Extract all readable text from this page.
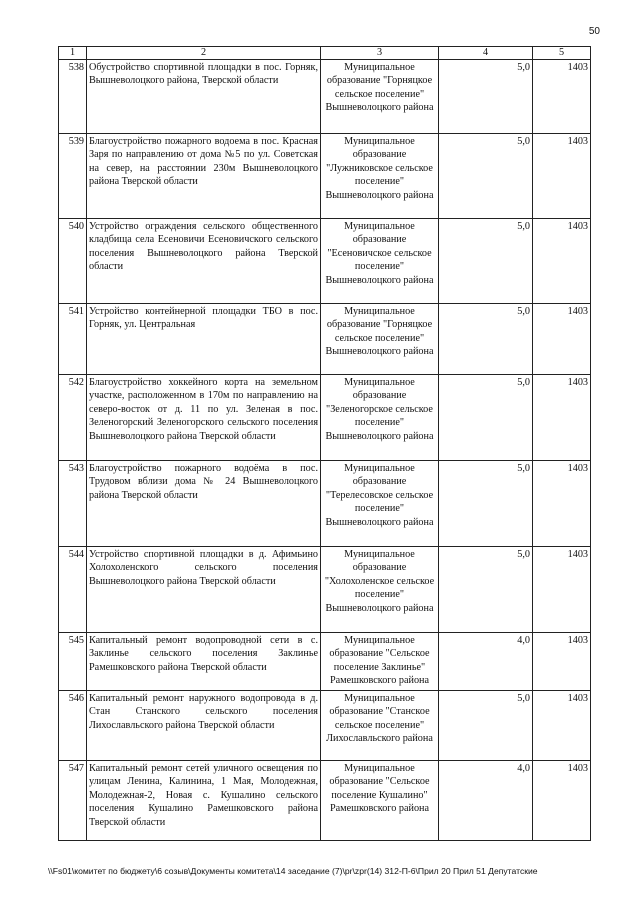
50
1	2	3	4	5
538	Обустройство спортивной площадки в пос. Горняк, Вышневолоцкого района, Тверской области	Муниципальное образование "Горняцкое сельское поселение" Вышневолоцкого района	5,0	1403
539	Благоустройство пожарного водоема в пос. Красная Заря по направлению от дома №5 по ул. Советская на север, на расстоянии 230м Вышневолоцкого района Тверской области	Муниципальное образование "Лужниковское сельское поселение" Вышневолоцкого района	5,0	1403
540	Устройство ограждения сельского общественного кладбища села Есеновичи Есеновичского сельского поселения Вышневолоцкого района Тверской области	Муниципальное образование "Есеновичское сельское поселение" Вышневолоцкого района	5,0	1403
541	Устройство контейнерной площадки ТБО в пос. Горняк, ул. Центральная	Муниципальное образование "Горняцкое сельское поселение" Вышневолоцкого района	5,0	1403
542	Благоустройство хоккейного корта на земельном участке, расположенном в 170м по направлению на северо-восток от д. 11 по ул. Зеленая в пос. Зеленогорский Зеленогорского сельского поселения Вышневолоцкого района Тверской области	Муниципальное образование "Зеленогорское сельское поселение" Вышневолоцкого района	5,0	1403
543	Благоустройство пожарного водоёма в пос. Трудовом вблизи дома № 24 Вышневолоцкого района Тверской области	Муниципальное образование "Терелесовское сельское поселение" Вышневолоцкого района	5,0	1403
544	Устройство спортивной площадки в д. Афимьино Холохоленского сельского поселения Вышневолоцкого района Тверской области	Муниципальное образование "Холохоленское сельское поселение" Вышневолоцкого района	5,0	1403
545	Капитальный ремонт водопроводной сети в с. Заклинье сельского поселения Заклинье Рамешковского района Тверской области	Муниципальное образование "Сельское поселение Заклинье" Рамешковского района	4,0	1403
546	Капитальный ремонт наружного водопровода в д. Стан Станского сельского поселения Лихославльского района Тверской области	Муниципальное образование "Станское сельское поселение" Лихославльского района	5,0	1403
547	Капитальный ремонт сетей уличного освещения по улицам Ленина, Калинина, 1 Мая, Молодежная, Молодежная-2, Новая с. Кушалино сельского поселения Кушалино Рамешковского района Тверской области	Муниципальное образование "Сельское поселение Кушалино" Рамешковского района	4,0	1403
\\Fs01\комитет по бюджету\6 созыв\Документы комитета\14 заседание (7)\pr\zpr(14) 312-П-6\Прил 20 Прил 51 Депутатские
